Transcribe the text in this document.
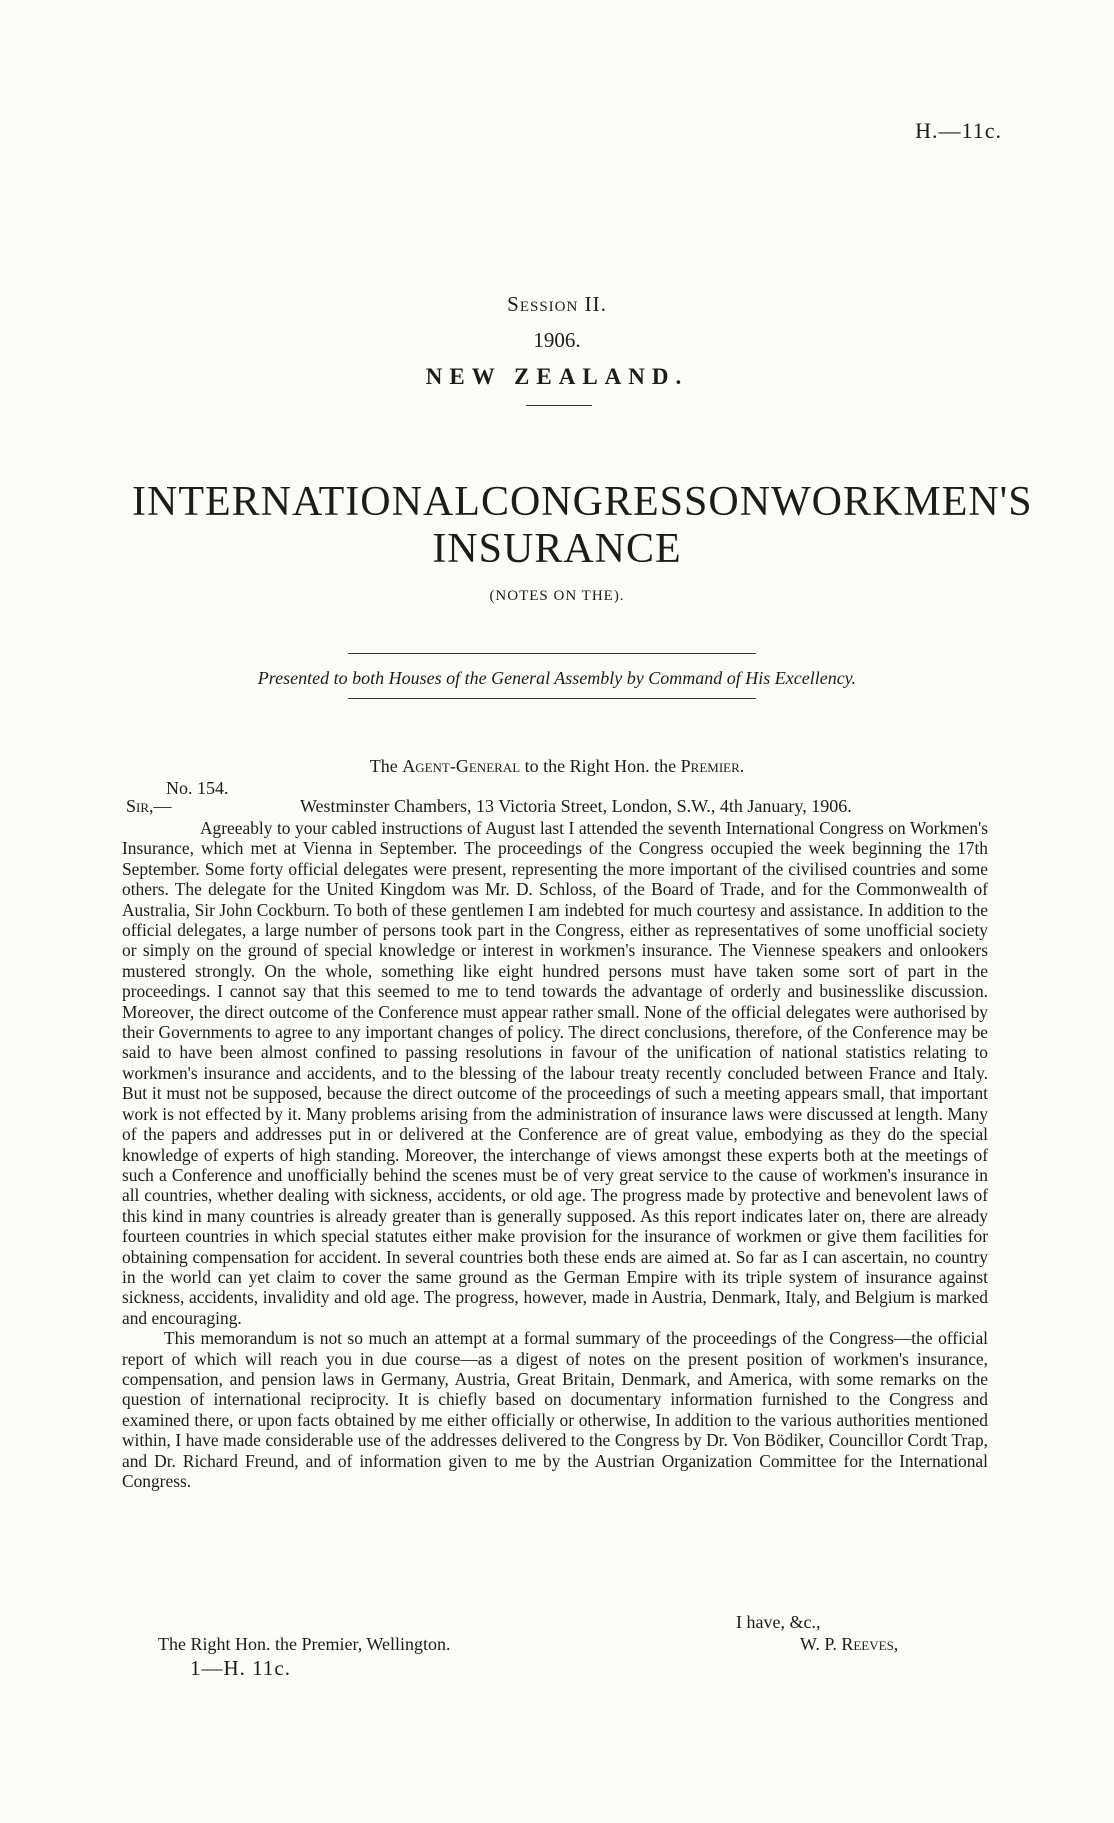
H.—11c.
Session II.
1906.
NEW ZEALAND.
INTERNATIONAL CONGRESS ON WORKMEN'S
INSURANCE
(NOTES ON THE).
Presented to both Houses of the General Assembly by Command of His Excellency.
The Agent-General to the Right Hon. the Premier.
No. 154.
Sir,—	Westminster Chambers, 13 Victoria Street, London, S.W., 4th January, 1906.

Agreeably to your cabled instructions of August last I attended the seventh International Congress on Workmen's Insurance, which met at Vienna in September. The proceedings of the Congress occupied the week beginning the 17th September. Some forty official delegates were present, representing the more important of the civilised countries and some others. The delegate for the United Kingdom was Mr. D. Schloss, of the Board of Trade, and for the Commonwealth of Australia, Sir John Cockburn. To both of these gentlemen I am indebted for much courtesy and assistance. In addition to the official delegates, a large number of persons took part in the Congress, either as representatives of some unofficial society or simply on the ground of special knowledge or interest in workmen's insurance. The Viennese speakers and onlookers mustered strongly. On the whole, something like eight hundred persons must have taken some sort of part in the proceedings. I cannot say that this seemed to me to tend towards the advantage of orderly and businesslike discussion. Moreover, the direct outcome of the Conference must appear rather small. None of the official delegates were authorised by their Governments to agree to any important changes of policy. The direct conclusions, therefore, of the Conference may be said to have been almost confined to passing resolutions in favour of the unification of national statistics relating to workmen's insurance and accidents, and to the blessing of the labour treaty recently concluded between France and Italy. But it must not be supposed, because the direct outcome of the proceedings of such a meeting appears small, that important work is not effected by it. Many problems arising from the administration of insurance laws were discussed at length. Many of the papers and addresses put in or delivered at the Conference are of great value, embodying as they do the special knowledge of experts of high standing. Moreover, the interchange of views amongst these experts both at the meetings of such a Conference and unofficially behind the scenes must be of very great service to the cause of workmen's insurance in all countries, whether dealing with sickness, accidents, or old age. The progress made by protective and benevolent laws of this kind in many countries is already greater than is generally supposed. As this report indicates later on, there are already fourteen countries in which special statutes either make provision for the insurance of workmen or give them facilities for obtaining compensation for accident. In several countries both these ends are aimed at. So far as I can ascertain, no country in the world can yet claim to cover the same ground as the German Empire with its triple system of insurance against sickness, accidents, invalidity and old age. The progress, however, made in Austria, Denmark, Italy, and Belgium is marked and encouraging.

This memorandum is not so much an attempt at a formal summary of the proceedings of the Congress—the official report of which will reach you in due course—as a digest of notes on the present position of workmen's insurance, compensation, and pension laws in Germany, Austria, Great Britain, Denmark, and America, with some remarks on the question of international reciprocity. It is chiefly based on documentary information furnished to the Congress and examined there, or upon facts obtained by me either officially or otherwise, In addition to the various authorities mentioned within, I have made considerable use of the addresses delivered to the Congress by Dr. Von Bödiker, Councillor Cordt Trap, and Dr. Richard Freund, and of information given to me by the Austrian Organization Committee for the International Congress.

I have, &c.,
The Right Hon. the Premier, Wellington.	W. P. Reeves,
1—H. 11c.
